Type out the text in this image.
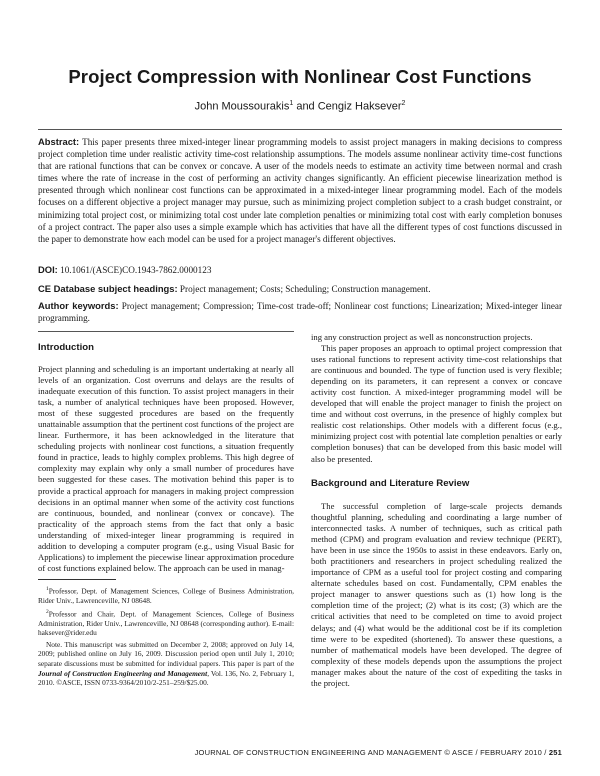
Project Compression with Nonlinear Cost Functions
John Moussourakis$^1$ and Cengiz Haksever$^2$
Abstract: This paper presents three mixed-integer linear programming models to assist project managers in making decisions to compress project completion time under realistic activity time-cost relationship assumptions. The models assume nonlinear activity time-cost functions that are rational functions that can be convex or concave. A user of the models needs to estimate an activity time between normal and crash times where the rate of increase in the cost of performing an activity changes significantly. An efficient piecewise linearization method is presented through which nonlinear cost functions can be approximated in a mixed-integer linear programming model. Each of the models focuses on a different objective a project manager may pursue, such as minimizing project completion subject to a crash budget constraint, or minimizing total project cost, or minimizing total cost under late completion penalties or minimizing total cost with early completion bonuses of a project contract. The paper also uses a simple example which has activities that have all the different types of cost functions discussed in the paper to demonstrate how each model can be used for a project manager's different objectives.
DOI: 10.1061/(ASCE)CO.1943-7862.0000123
CE Database subject headings: Project management; Costs; Scheduling; Construction management.
Author keywords: Project management; Compression; Time-cost trade-off; Nonlinear cost functions; Linearization; Mixed-integer linear programming.
Introduction

Project planning and scheduling is an important undertaking at nearly all levels of an organization. Cost overruns and delays are the results of inadequate execution of this function. To assist project managers in their task, a number of analytical techniques have been proposed. However, most of these suggested procedures are based on the frequently unattainable assumption that the pertinent cost functions of the project are linear. Furthermore, it has been acknowledged in the literature that scheduling projects with nonlinear cost functions, a situation frequently found in practice, leads to highly complex problems. This high degree of complexity may explain why only a small number of procedures have been suggested for these cases. The motivation behind this paper is to provide a practical approach for managers in making project compression decisions in an optimal manner when some of the activity cost functions are continuous, bounded, and nonlinear (convex or concave). The practicality of the approach stems from the fact that only a basic understanding of mixed-integer linear programming is required in addition to developing a computer program (e.g., using Visual Basic for Applications) to implement the piecewise linear approximation procedure of cost functions explained below. The approach can be used in manag-

ing any construction project as well as nonconstruction projects.

This paper proposes an approach to optimal project compression that uses rational functions to represent activity time-cost relationships that are continuous and bounded. The type of function used is very flexible; depending on its parameters, it can represent a convex or concave activity cost function. A mixed-integer programming model will be developed that will enable the project manager to finish the project on time and without cost overruns, in the presence of highly complex but realistic cost relationships. Other models with a different focus (e.g., minimizing project cost with potential late completion penalties or early completion bonuses) that can be developed from this basic model will also be presented.

Background and Literature Review

The successful completion of large-scale projects demands thoughtful planning, scheduling and coordinating a large number of interconnected tasks. A number of techniques, such as critical path method (CPM) and program evaluation and review technique (PERT), have been in use since the 1950s to assist in these endeavors. Early on, both practitioners and researchers in project scheduling realized the importance of CPM as a useful tool for project costing and comparing alternate schedules based on cost. Fundamentally, CPM enables the project manager to answer questions such as (1) how long is the completion time of the project; (2) what is its cost; (3) which are the critical activities that need to be completed on time to avoid project delays; and (4) what would be the additional cost be if its completion time were to be expedited (shortened). To answer these questions, a number of mathematical models have been developed. The degree of complexity of these models depends upon the assumptions the project manager makes about the nature of the cost of expediting the tasks in the project.

$^1$Professor, Dept. of Management Sciences, College of Business Administration, Rider Univ., Lawrenceville, NJ 08648.

$^2$Professor and Chair, Dept. of Management Sciences, College of Business Administration, Rider Univ., Lawrenceville, NJ 08648 (corresponding author). E-mail: haksever@rider.edu

Note. This manuscript was submitted on December 2, 2008; approved on July 14, 2009; published online on July 16, 2009. Discussion period open until July 1, 2010; separate discussions must be submitted for individual papers. This paper is part of the Journal of Construction Engineering and Management, Vol. 136, No. 2, February 1, 2010. ©ASCE, ISSN 0733-9364/2010/2-251–259/$25.00.

JOURNAL OF CONSTRUCTION ENGINEERING AND MANAGEMENT © ASCE / FEBRUARY 2010 / 251
